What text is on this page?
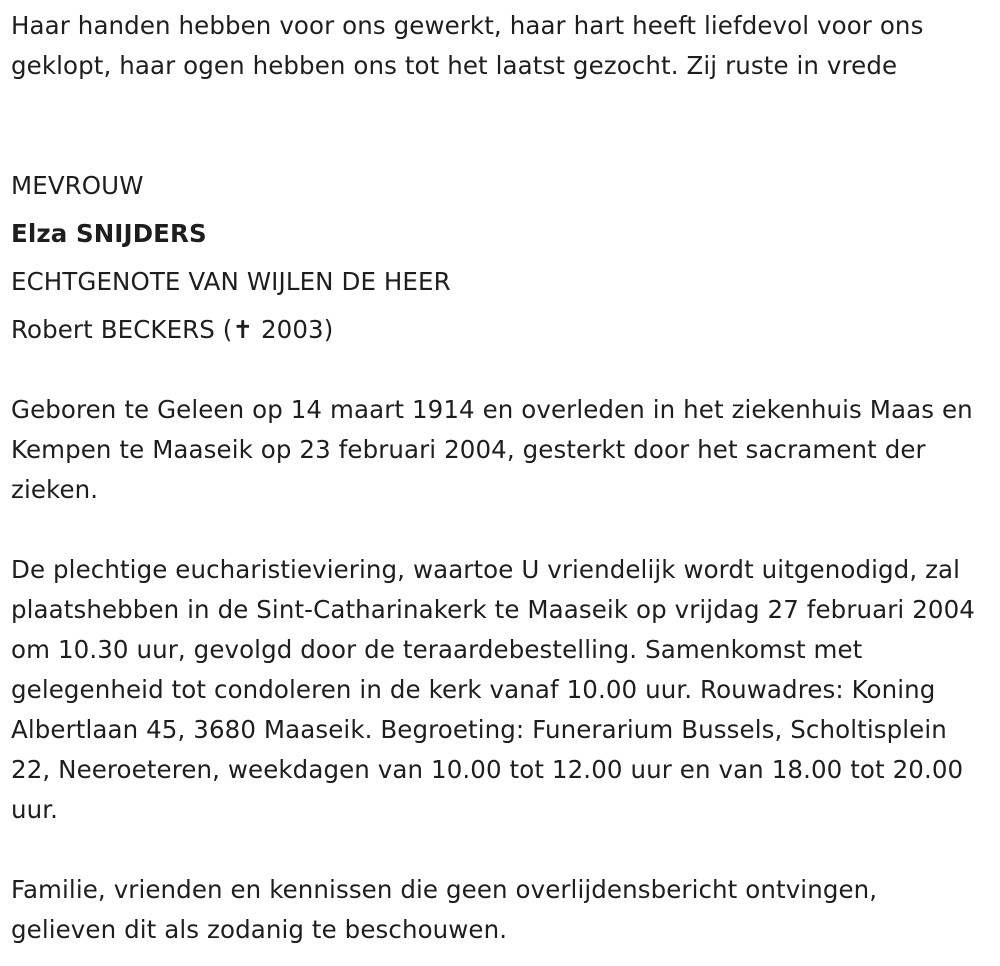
Haar handen hebben voor ons gewerkt, haar hart heeft liefdevol voor ons geklopt, haar ogen hebben ons tot het laatst gezocht. Zij ruste in vrede

MEVROUW
Elza SNIJDERS
ECHTGENOTE VAN WIJLEN DE HEER
Robert BECKERS (✝ 2003)

Geboren te Geleen op 14 maart 1914 en overleden in het ziekenhuis Maas en Kempen te Maaseik op 23 februari 2004, gesterkt door het sacrament der zieken.

De plechtige eucharistieviering, waartoe U vriendelijk wordt uitgenodigd, zal plaatshebben in de Sint-Catharinakerk te Maaseik op vrijdag 27 februari 2004 om 10.30 uur, gevolgd door de teraardebestelling. Samenkomst met gelegenheid tot condoleren in de kerk vanaf 10.00 uur. Rouwadres: Koning Albertlaan 45, 3680 Maaseik. Begroeting: Funerarium Bussels, Scholtisplein 22, Neeroeteren, weekdagen van 10.00 tot 12.00 uur en van 18.00 tot 20.00 uur.

Familie, vrienden en kennissen die geen overlijdensbericht ontvingen, gelieven dit als zodanig te beschouwen.
